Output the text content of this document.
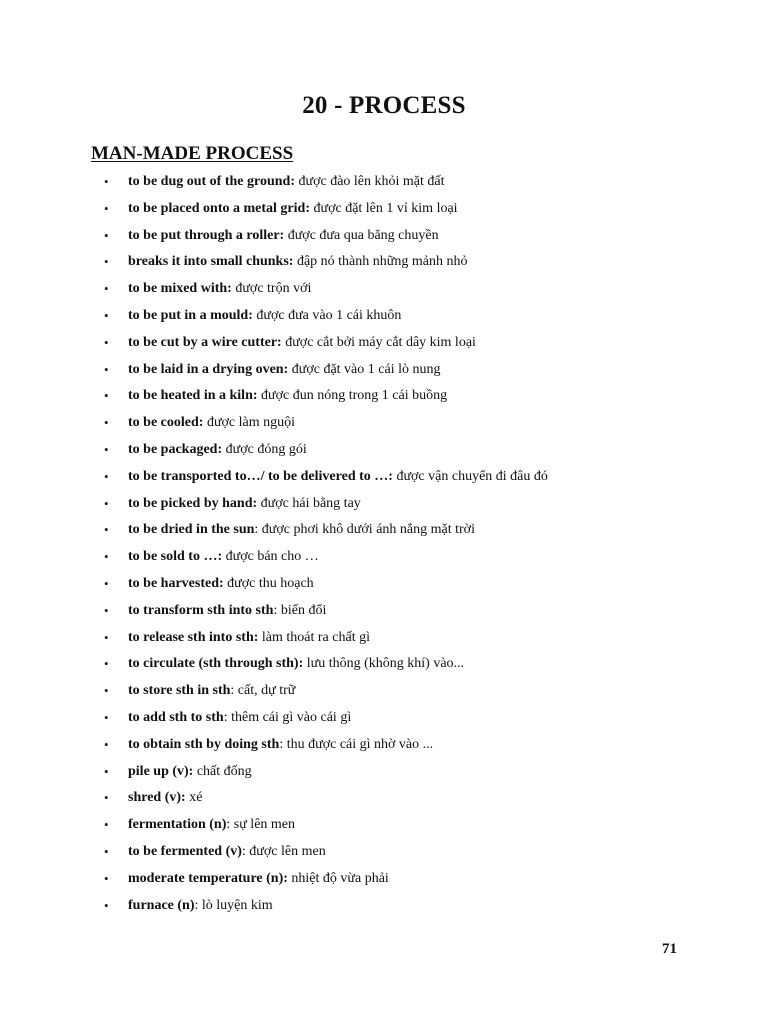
20 - PROCESS
MAN-MADE PROCESS
• to be dug out of the ground: được đào lên khỏi mặt đất
• to be placed onto a metal grid: được đặt lên 1 vỉ kim loại
• to be put through a roller: được đưa qua băng chuyền
• breaks it into small chunks: đập nó thành những mảnh nhỏ
• to be mixed with: được trộn với
• to be put in a mould: được đưa vào 1 cái khuôn
• to be cut by a wire cutter: được cắt bởi máy cắt dây kim loại
• to be laid in a drying oven: được đặt vào 1 cái lò nung
• to be heated in a kiln: được đun nóng trong 1 cái buồng
• to be cooled: được làm nguội
• to be packaged: được đóng gói
• to be transported to…/ to be delivered to …: được vận chuyển đi đâu đó
• to be picked by hand: được hái bằng tay
• to be dried in the sun: được phơi khô dưới ánh nắng mặt trời
• to be sold to …: được bán cho …
• to be harvested: được thu hoạch
• to transform sth into sth: biến đổi
• to release sth into sth: làm thoát ra chất gì
• to circulate (sth through sth): lưu thông (không khí) vào...
• to store sth in sth: cất, dự trữ
• to add sth to sth: thêm cái gì vào cái gì
• to obtain sth by doing sth: thu được cái gì nhờ vào ...
• pile up (v): chất đống
• shred (v): xé
• fermentation (n): sự lên men
• to be fermented (v): được lên men
• moderate temperature (n): nhiệt độ vừa phải
• furnace (n): lò luyện kim
71
